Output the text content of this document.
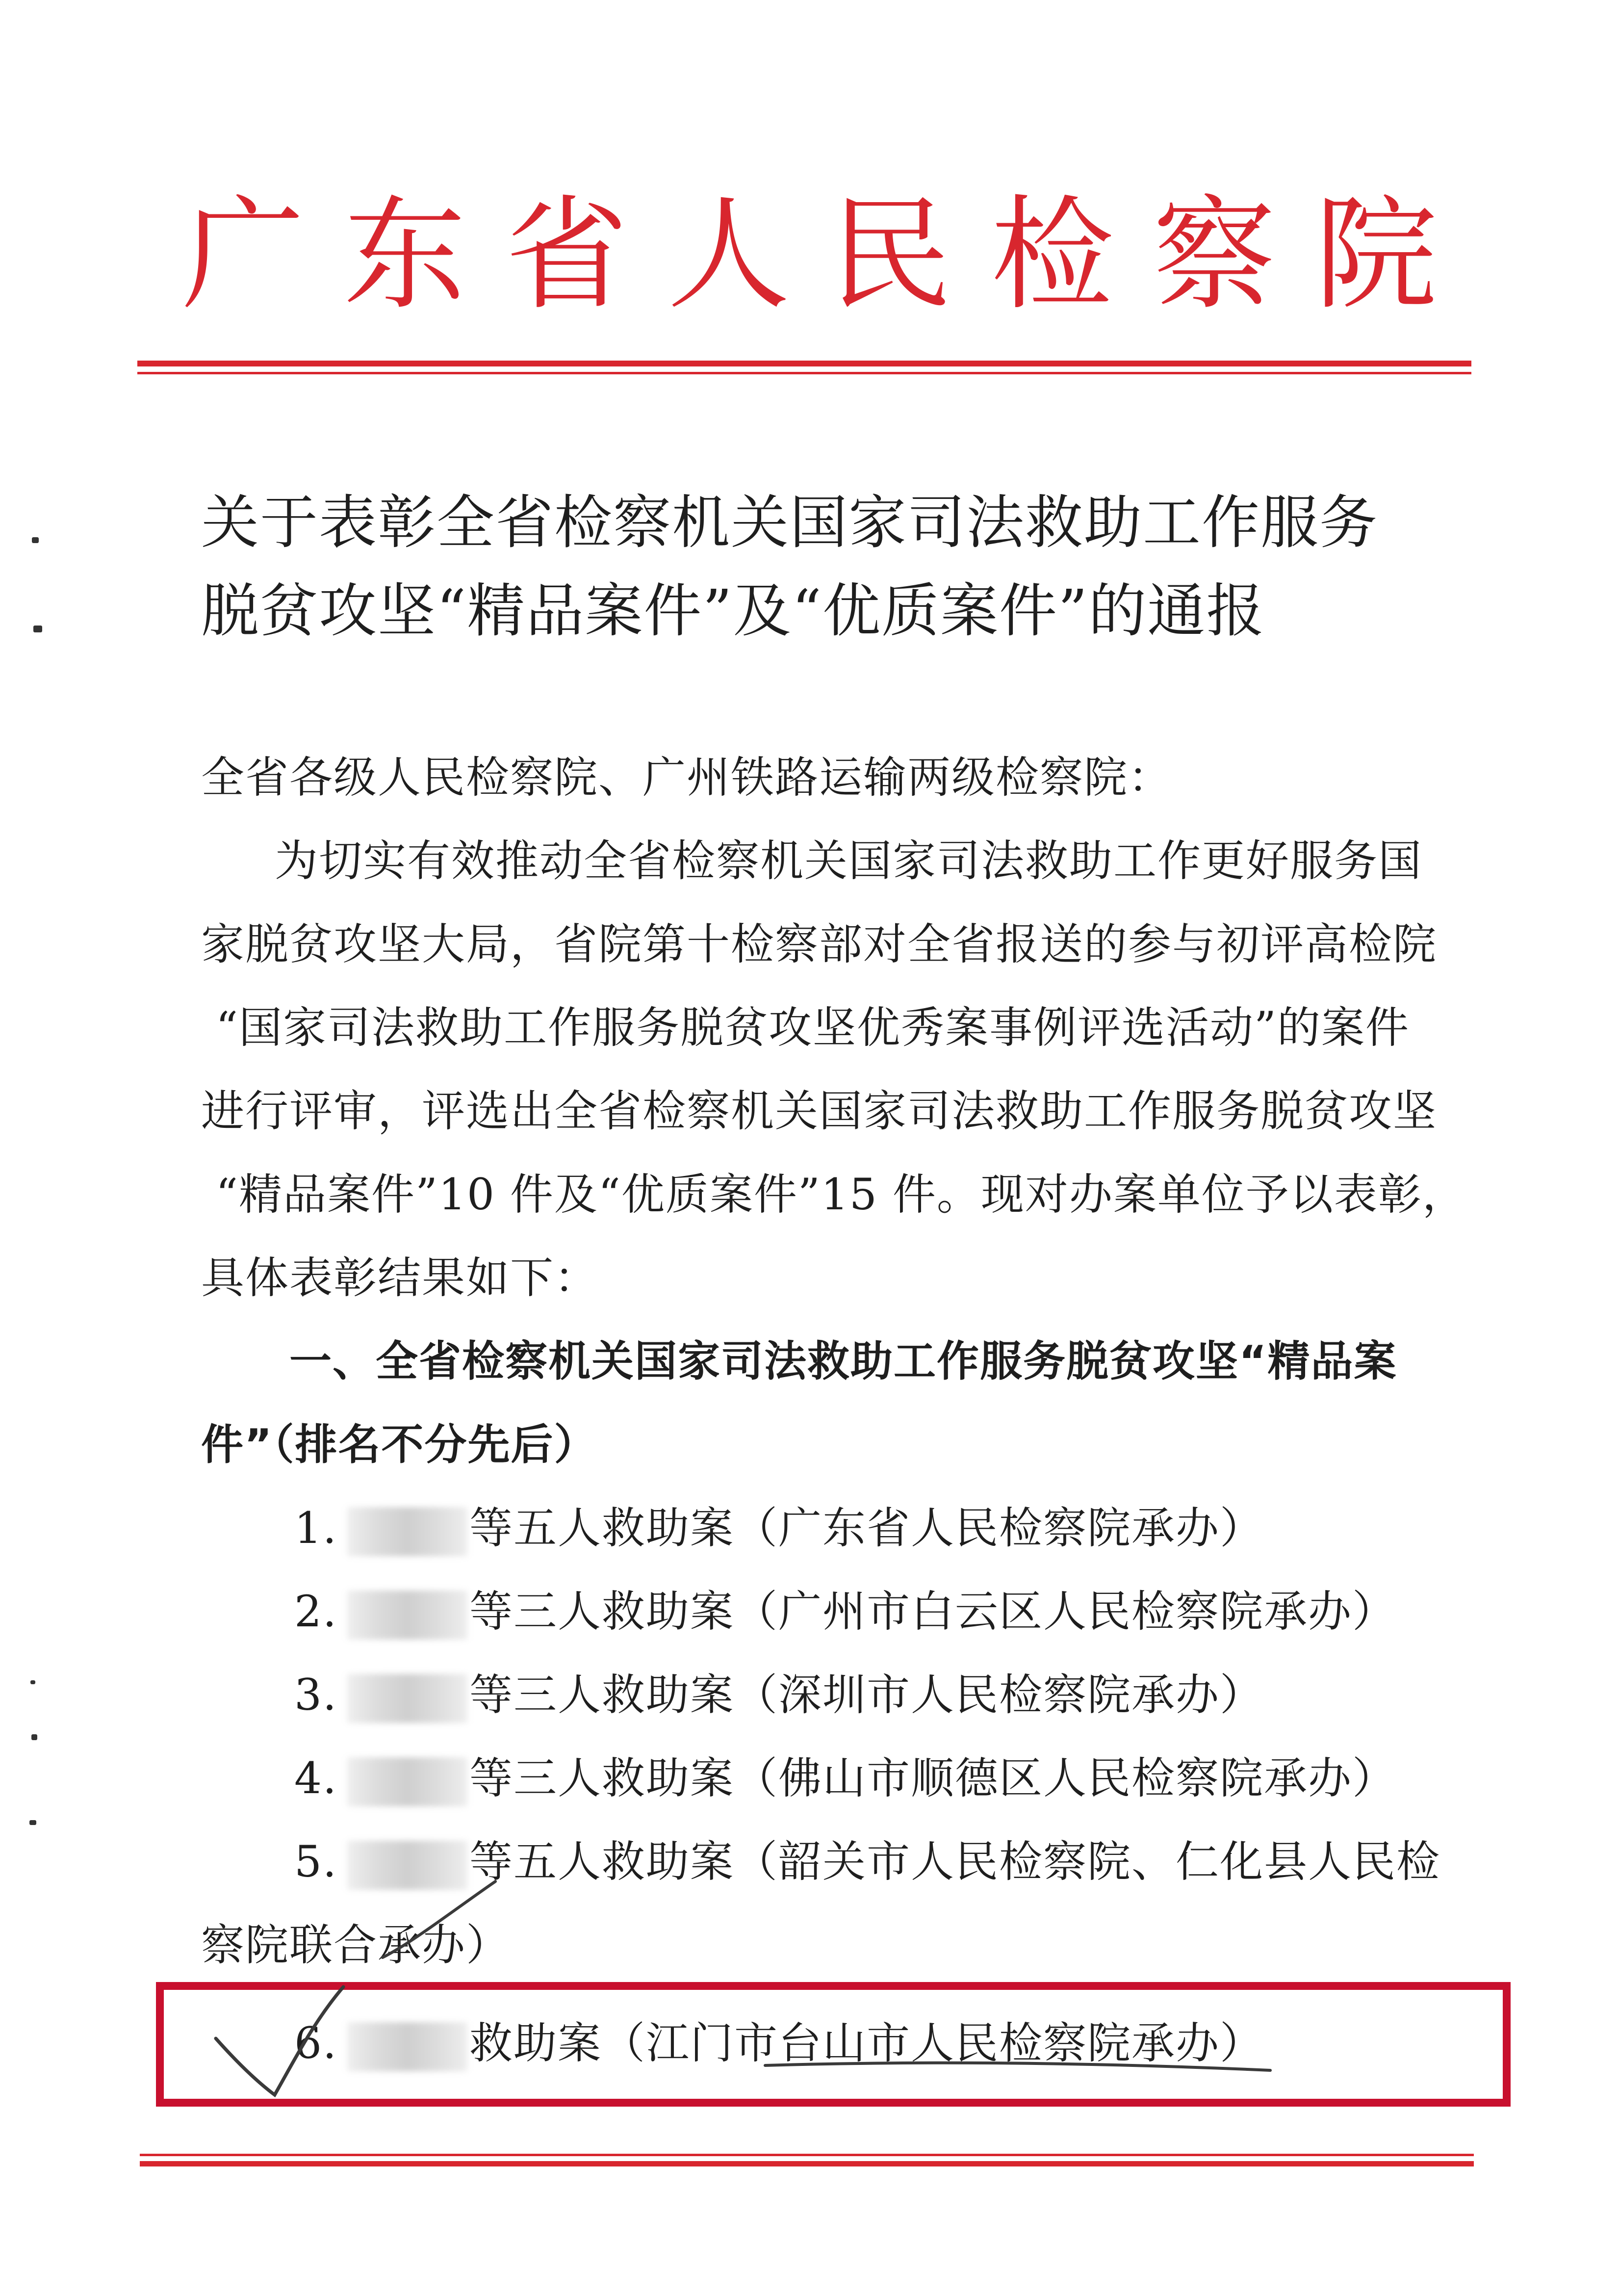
广东省人民检察院
关于表彰全省检察机关国家司法救助工作服务
脱贫攻坚“精品案件”及“优质案件”的通报
全省各级人民检察院、广州铁路运输两级检察院：
为切实有效推动全省检察机关国家司法救助工作更好服务国
家脱贫攻坚大局，省院第十检察部对全省报送的参与初评高检院
“国家司法救助工作服务脱贫攻坚优秀案事例评选活动”的案件
进行评审，评选出全省检察机关国家司法救助工作服务脱贫攻坚
“精品案件”10 件及“优质案件”15 件。现对办案单位予以表彰，
具体表彰结果如下：
一、全省检察机关国家司法救助工作服务脱贫攻坚“精品案
件”（排名不分先后）
1.	等五人救助案（广东省人民检察院承办）
2.	等三人救助案（广州市白云区人民检察院承办）
3.	等三人救助案（深圳市人民检察院承办）
4.	等三人救助案（佛山市顺德区人民检察院承办）
5.	等五人救助案（韶关市人民检察院、仁化县人民检
察院联合承办）
6.	救助案（江门市台山市人民检察院承办）
